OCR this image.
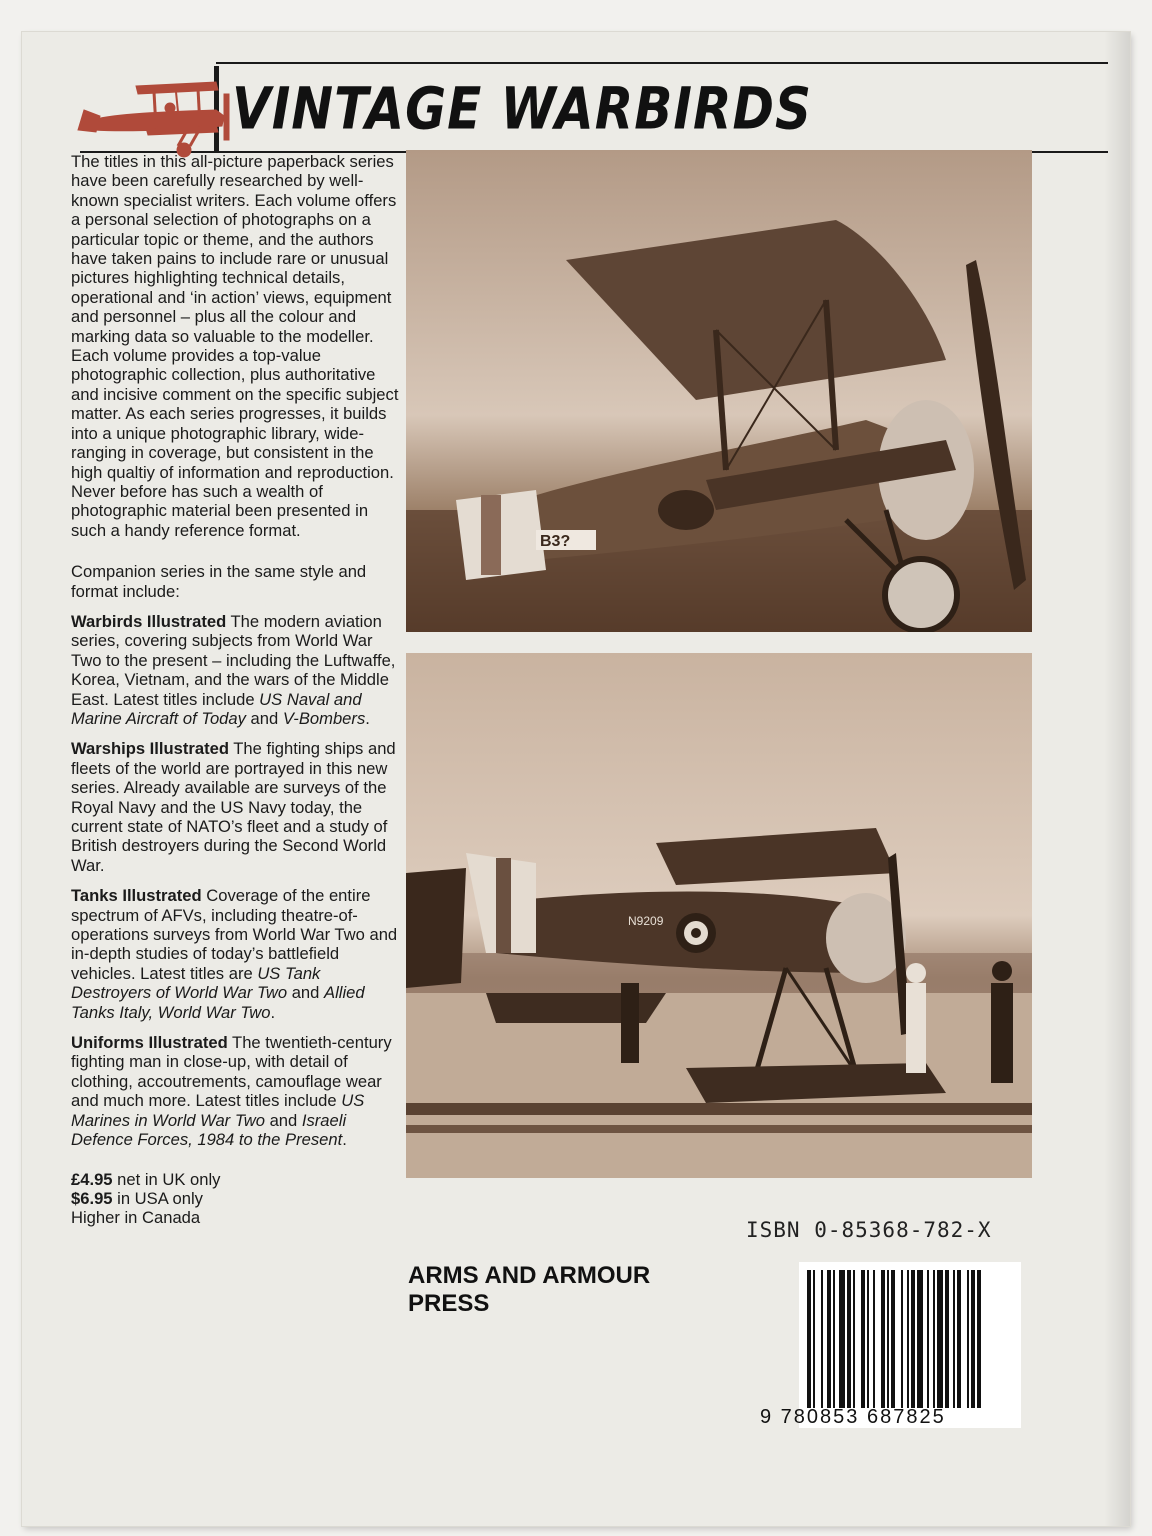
VINTAGE WARBIRDS

The titles in this all-picture paperback series have been carefully researched by well-known specialist writers. Each volume offers a personal selection of photographs on a particular topic or theme, and the authors have taken pains to include rare or unusual pictures highlighting technical details, operational and ‘in action’ views, equipment and personnel – plus all the colour and marking data so valuable to the modeller. Each volume provides a top-value photographic collection, plus authoritative and incisive comment on the specific subject matter. As each series progresses, it builds into a unique photographic library, wide-ranging in coverage, but consistent in the high qualtiy of information and reproduction. Never before has such a wealth of photographic material been presented in such a handy reference format.

Companion series in the same style and format include:

Warbirds Illustrated The modern aviation series, covering subjects from World War Two to the present – including the Luftwaffe, Korea, Vietnam, and the wars of the Middle East. Latest titles include US Naval and Marine Aircraft of Today and V-Bombers.

Warships Illustrated The fighting ships and fleets of the world are portrayed in this new series. Already available are surveys of the Royal Navy and the US Navy today, the current state of NATO’s fleet and a study of British destroyers during the Second World War.

Tanks Illustrated Coverage of the entire spectrum of AFVs, including theatre-of-operations surveys from World War Two and in-depth studies of today’s battlefield vehicles. Latest titles are US Tank Destroyers of World War Two and Allied Tanks Italy, World War Two.

Uniforms Illustrated The twentieth-century fighting man in close-up, with detail of clothing, accoutrements, camouflage wear and much more. Latest titles include US Marines in World War Two and Israeli Defence Forces, 1984 to the Present.

£4.95 net in UK only

$6.95 in USA only

Higher in Canada

B3?
N9209
ARMS AND ARMOUR
PRESS
ISBN 0-85368-782-X
9 780853 687825
